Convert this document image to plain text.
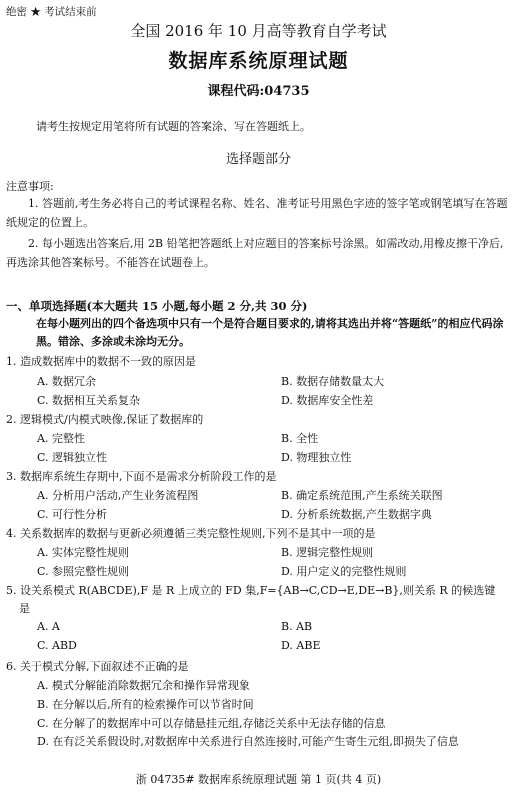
绝密 ★ 考试结束前
全国 2016 年 10 月高等教育自学考试
数据库系统原理试题
课程代码:04735
请考生按规定用笔将所有试题的答案涂、写在答题纸上。
选择题部分
注意事项:
1. 答题前,考生务必将自己的考试课程名称、姓名、准考证号用黑色字迹的签字笔或钢笔填写在答题纸规定的位置上。
2. 每小题选出答案后,用 2B 铅笔把答题纸上对应题目的答案标号涂黑。如需改动,用橡皮擦干净后,再选涂其他答案标号。不能答在试题卷上。
一、单项选择题(本大题共 15 小题,每小题 2 分,共 30 分)
在每小题列出的四个备选项中只有一个是符合题目要求的,请将其选出并将“答题纸”的相应代码涂黑。错涂、多涂或未涂均无分。
1. 造成数据库中的数据不一致的原因是
A. 数据冗余	B. 数据存储数量太大
C. 数据相互关系复杂	D. 数据库安全性差
2. 逻辑模式/内模式映像,保证了数据库的
A. 完整性	B. 全性
C. 逻辑独立性	D. 物理独立性
3. 数据库系统生存期中,下面不是需求分析阶段工作的是
A. 分析用户活动,产生业务流程图	B. 确定系统范围,产生系统关联图
C. 可行性分析	D. 分析系统数据,产生数据字典
4. 关系数据库的数据与更新必须遵循三类完整性规则,下列不是其中一项的是
A. 实体完整性规则	B. 逻辑完整性规则
C. 参照完整性规则	D. 用户定义的完整性规则
5. 设关系模式 R(ABCDE),F 是 R 上成立的 FD 集,F={AB→C,CD→E,DE→B},则关系 R 的候选键是
A. A	B. AB
C. ABD	D. ABE
6. 关于模式分解,下面叙述不正确的是
A. 模式分解能消除数据冗余和操作异常现象
B. 在分解以后,所有的检索操作可以节省时间
C. 在分解了的数据库中可以存储悬挂元组,存储泛关系中无法存储的信息
D. 在有泛关系假设时,对数据库中关系进行自然连接时,可能产生寄生元组,即损失了信息
浙 04735# 数据库系统原理试题 第 1 页(共 4 页)
